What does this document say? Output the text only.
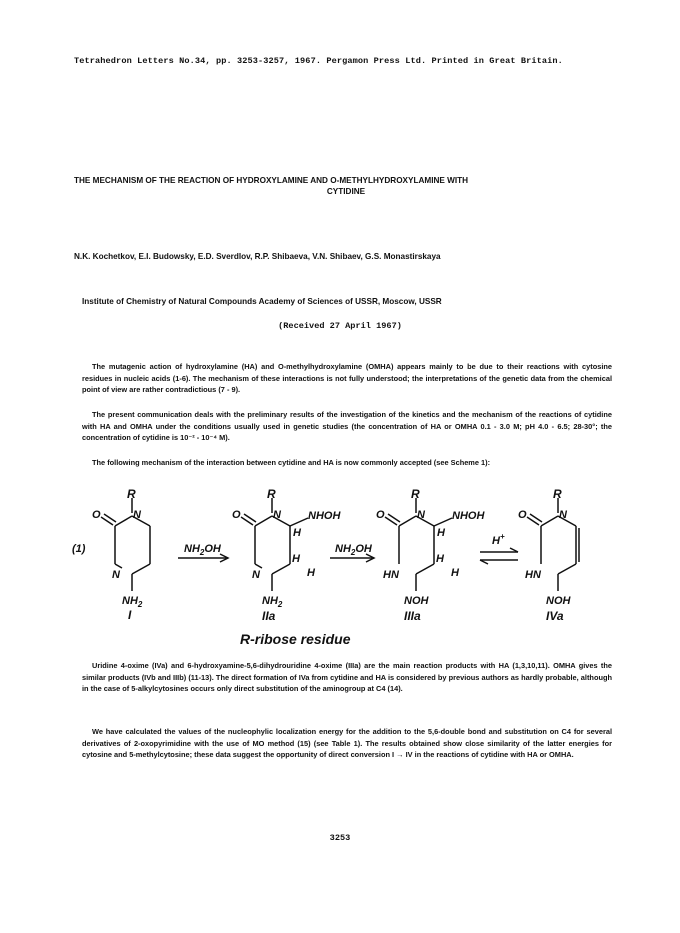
Tetrahedron Letters No.34, pp. 3253-3257, 1967. Pergamon Press Ltd. Printed in Great Britain.
THE MECHANISM OF THE REACTION OF HYDROXYLAMINE AND O-METHYLHYDROXYLAMINE WITH
CYTIDINE
N.K. Kochetkov, E.I. Budowsky, E.D. Sverdlov, R.P. Shibaeva, V.N. Shibaev, G.S. Monastirskaya
Institute of Chemistry of Natural Compounds Academy of Sciences of USSR, Moscow, USSR
(Received 27 April 1967)
The mutagenic action of hydroxylamine (HA) and O-methylhydroxylamine (OMHA) appears mainly to be due to their reactions with cytosine residues in nucleic acids (1-6). The mechanism of these interactions is not fully understood; the interpretations of the genetic data from the chemical point of view are rather contradictious (7 - 9).
The present communication deals with the preliminary results of the investigation of the kinetics and the mechanism of the reactions of cytidine with HA and OMHA under the conditions usually used in genetic studies (the concentration of HA or OMHA 0.1 - 3.0 M; pH 4.0 - 6.5; 28-30°; the concentration of cytidine is 10⁻² - 10⁻⁴ M).
The following mechanism of the interaction between cytidine and HA is now commonly accepted (see Scheme 1):
R
N
O
(1)
N
$NH_2$
I
$NH_2OH$
R
N
O	NHOH
H
H
H
N
$NH_2$
IIa
$NH_2OH$
R
N
O	NHOH
H
H
H
HN
NOH
IIIa
H+
R
N
O
HN
NOH
IVa
R-ribose residue
Uridine 4-oxime (IVa) and 6-hydroxyamine-5,6-dihydrouridine 4-oxime (IIIa) are the main reaction products with HA (1,3,10,11). OMHA gives the similar products (IVb and IIIb) (11-13). The direct formation of IVa from cytidine and HA is considered by previous authors as hardly probable, although in the case of 5-alkylcytosines occurs only direct substitution of the aminogroup at C4 (14).
We have calculated the values of the nucleophylic localization energy for the addition to the 5,6-double bond and substitution on C4 for several derivatives of 2-oxopyrimidine with the use of MO method (15) (see Table 1). The results obtained show close similarity of the latter energies for cytosine and 5-methylcytosine; these data suggest the opportunity of direct conversion I → IV in the reactions of cytidine with HA or OMHA.
3253
